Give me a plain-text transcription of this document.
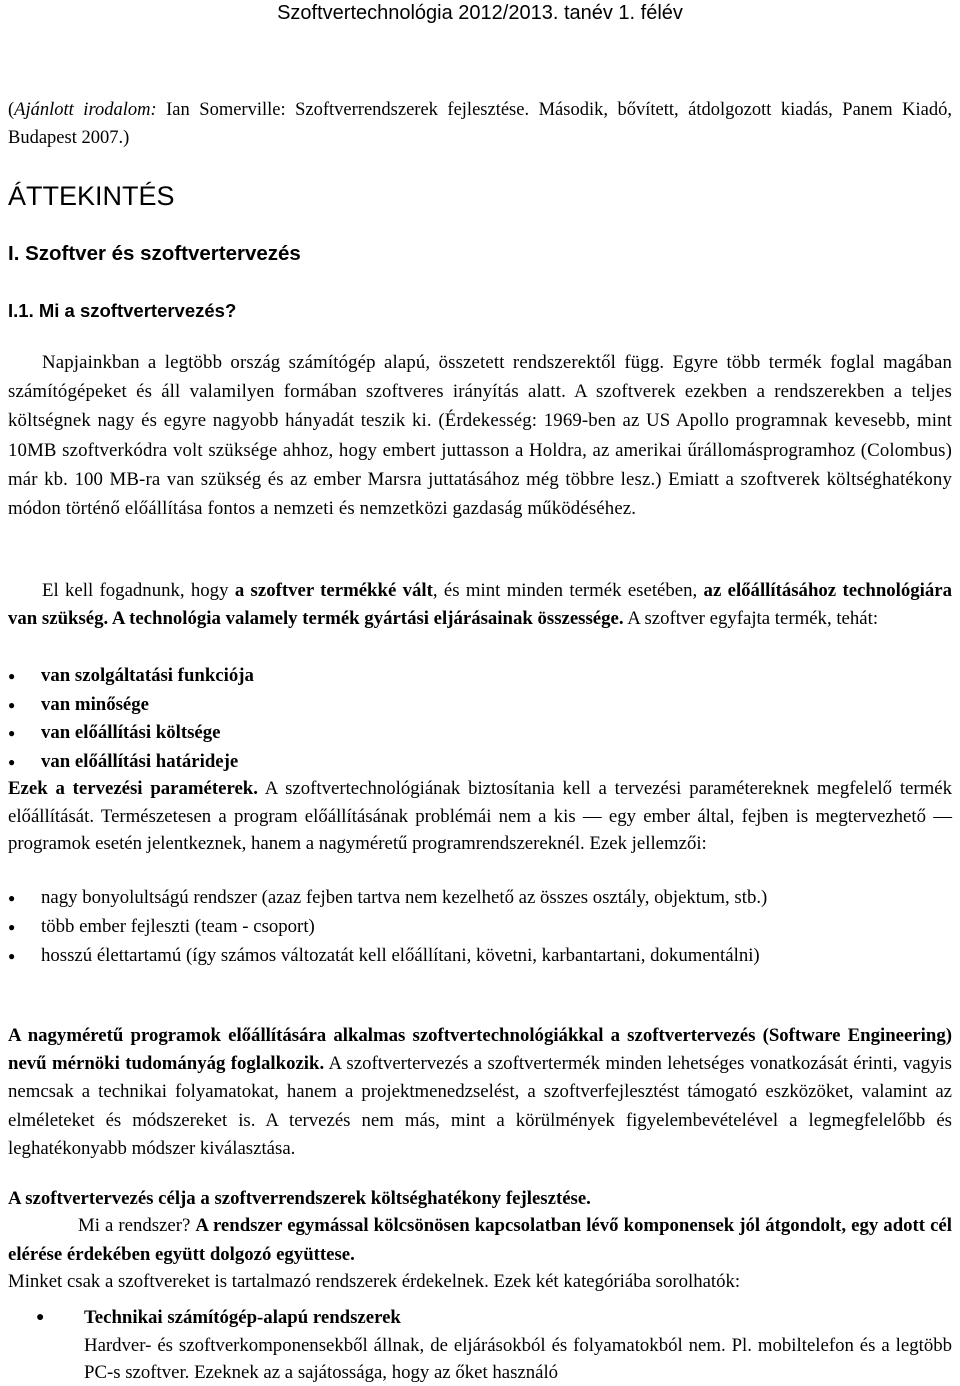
Szoftvertechnológia 2012/2013. tanév 1. félév
(Ajánlott irodalom: Ian Somerville: Szoftverrendszerek fejlesztése. Második, bővített, átdolgozott kiadás, Panem Kiadó, Budapest 2007.)
ÁTTEKINTÉS
I. Szoftver és szoftvertervezés
I.1. Mi a szoftvertervezés?
Napjainkban a legtöbb ország számítógép alapú, összetett rendszerektől függ. Egyre több termék foglal magában számítógépeket és áll valamilyen formában szoftveres irányítás alatt. A szoftverek ezekben a rendszerekben a teljes költségnek nagy és egyre nagyobb hányadát teszik ki. (Érdekesség: 1969-ben az US Apollo programnak kevesebb, mint 10MB szoftverkódra volt szüksége ahhoz, hogy embert juttasson a Holdra, az amerikai űrállomásprogramhoz (Colombus) már kb. 100 MB-ra van szükség és az ember Marsra juttatásához még többre lesz.) Emiatt a szoftverek költséghatékony módon történő előállítása fontos a nemzeti és nemzetközi gazdaság működéséhez.
El kell fogadnunk, hogy a szoftver termékké vált, és mint minden termék esetében, az előállításához technológiára van szükség. A technológia valamely termék gyártási eljárásainak összessége. A szoftver egyfajta termék, tehát:
● van szolgáltatási funkciója
● van minősége
● van előállítási költsége
● van előállítási határideje
Ezek a tervezési paraméterek. A szoftvertechnológiának biztosítania kell a tervezési paramétereknek megfelelő termék előállítását. Természetesen a program előállításának problémái nem a kis — egy ember által, fejben is megtervezhető — programok esetén jelentkeznek, hanem a nagyméretű programrendszereknél. Ezek jellemzői:
● nagy bonyolultságú rendszer (azaz fejben tartva nem kezelhető az összes osztály, objektum, stb.)
● több ember fejleszti (team - csoport)
● hosszú élettartamú (így számos változatát kell előállítani, követni, karbantartani, dokumentálni)
A nagyméretű programok előállítására alkalmas szoftvertechnológiákkal a szoftvertervezés (Software Engineering) nevű mérnöki tudományág foglalkozik. A szoftvertervezés a szoftvertermék minden lehetséges vonatkozását érinti, vagyis nemcsak a technikai folyamatokat, hanem a projektmenedzselést, a szoftverfejlesztést támogató eszközöket, valamint az elméleteket és módszereket is. A tervezés nem más, mint a körülmények figyelembevételével a legmegfelelőbb és leghatékonyabb módszer kiválasztása.
A szoftvertervezés célja a szoftverrendszerek költséghatékony fejlesztése.
Mi a rendszer? A rendszer egymással kölcsönösen kapcsolatban lévő komponensek jól átgondolt, egy adott cél elérése érdekében együtt dolgozó együttese.
Minket csak a szoftvereket is tartalmazó rendszerek érdekelnek. Ezek két kategóriába sorolhatók:
● Technikai számítógép-alapú rendszerek
Hardver- és szoftverkomponensekből állnak, de eljárásokból és folyamatokból nem. Pl. mobiltelefon és a legtöbb PC-s szoftver. Ezeknek az a sajátossága, hogy az őket használó
